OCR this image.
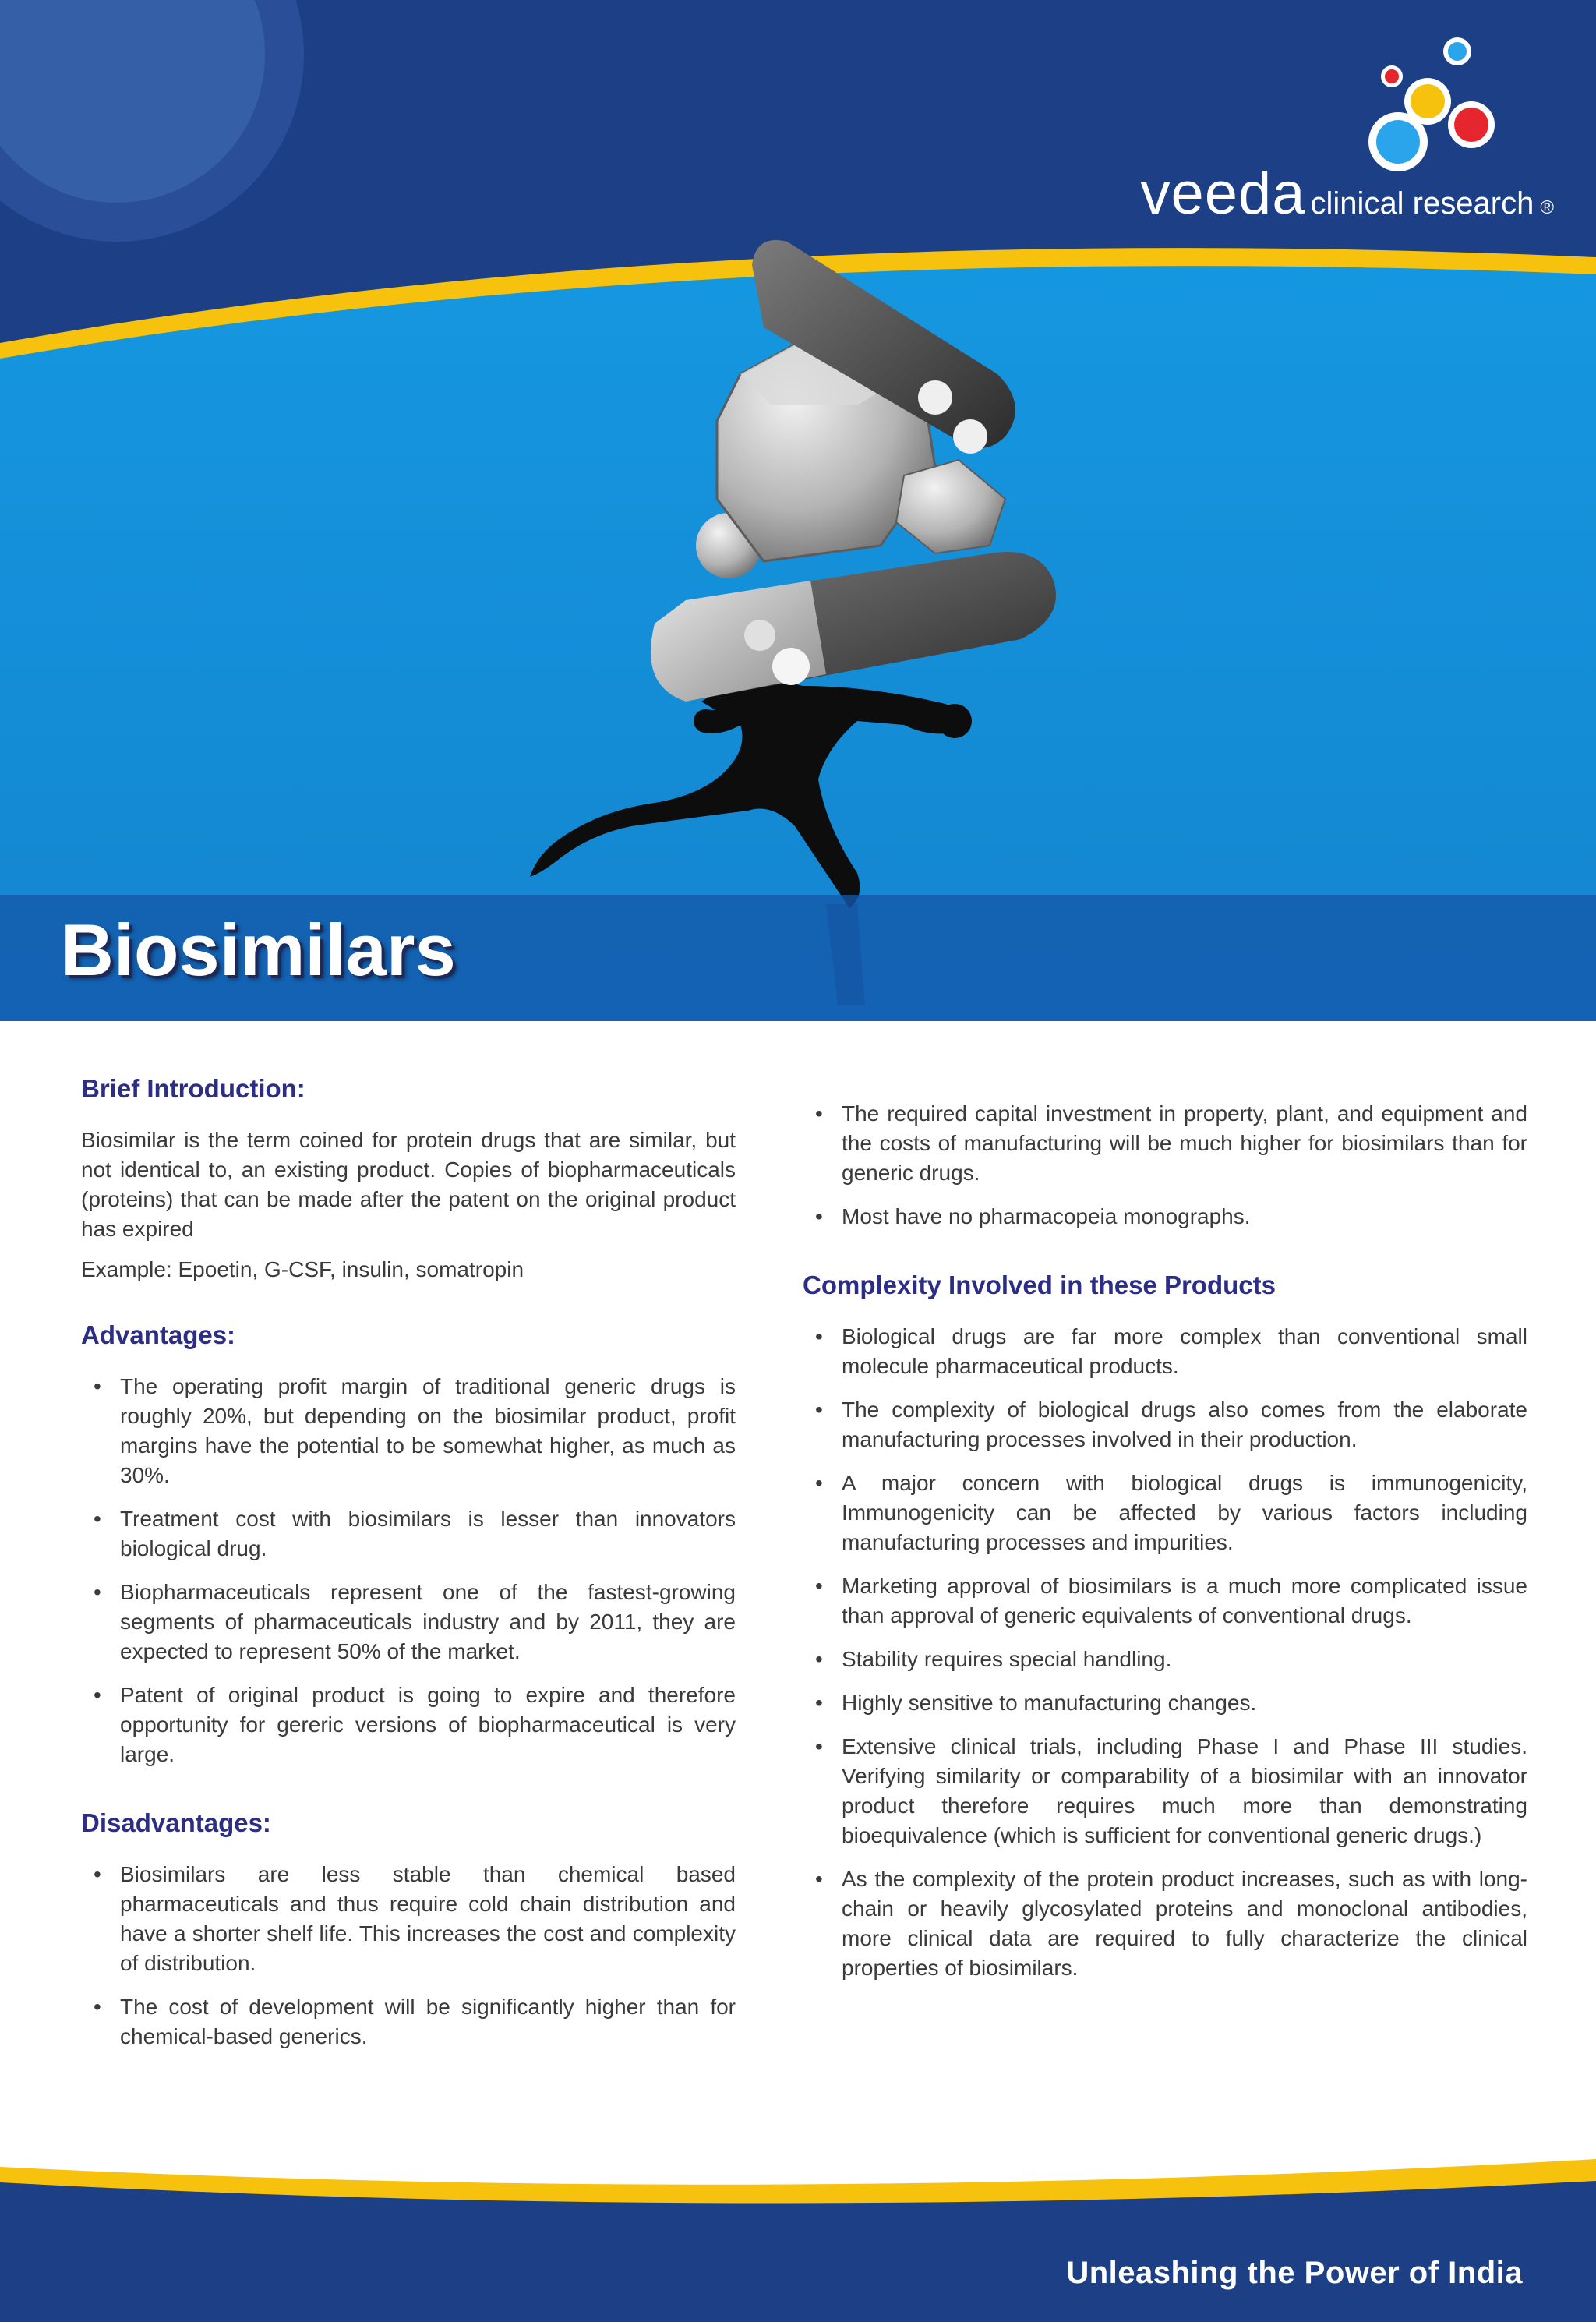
veeda clinical research ®
Biosimilars
Brief Introduction:

Biosimilar is the term coined for protein drugs that are similar, but not identical to, an existing product. Copies of biopharmaceuticals (proteins) that can be made after the patent on the original product has expired

Example: Epoetin, G-CSF, insulin, somatropin

Advantages:
• The operating profit margin of traditional generic drugs is roughly 20%, but depending on the biosimilar product, profit margins have the potential to be somewhat higher, as much as 30%.
• Treatment cost with biosimilars is lesser than innovators biological drug.
• Biopharmaceuticals represent one of the fastest-growing segments of pharmaceuticals industry and by 2011, they are expected to represent 50% of the market.
• Patent of original product is going to expire and therefore opportunity for gereric versions of biopharmaceutical is very large.
Disadvantages:
• Biosimilars are less stable than chemical based pharmaceuticals and thus require cold chain distribution and have a shorter shelf life. This increases the cost and complexity of distribution.
• The cost of development will be significantly higher than for chemical-based generics.
• The required capital investment in property, plant, and equipment and the costs of manufacturing will be much higher for biosimilars than for generic drugs.
• Most have no pharmacopeia monographs.
Complexity Involved in these Products
• Biological drugs are far more complex than conventional small molecule pharmaceutical products.
• The complexity of biological drugs also comes from the elaborate manufacturing processes involved in their production.
• A major concern with biological drugs is immunogenicity, Immunogenicity can be affected by various factors including manufacturing processes and impurities.
• Marketing approval of biosimilars is a much more complicated issue than approval of generic equivalents of conventional drugs.
• Stability requires special handling.
• Highly sensitive to manufacturing changes.
• Extensive clinical trials, including Phase I and Phase III studies. Verifying similarity or comparability of a biosimilar with an innovator product therefore requires much more than demonstrating bioequivalence (which is sufficient for conventional generic drugs.)
• As the complexity of the protein product increases, such as with long-chain or heavily glycosylated proteins and monoclonal antibodies, more clinical data are required to fully characterize the clinical properties of biosimilars.
Unleashing the Power of India
